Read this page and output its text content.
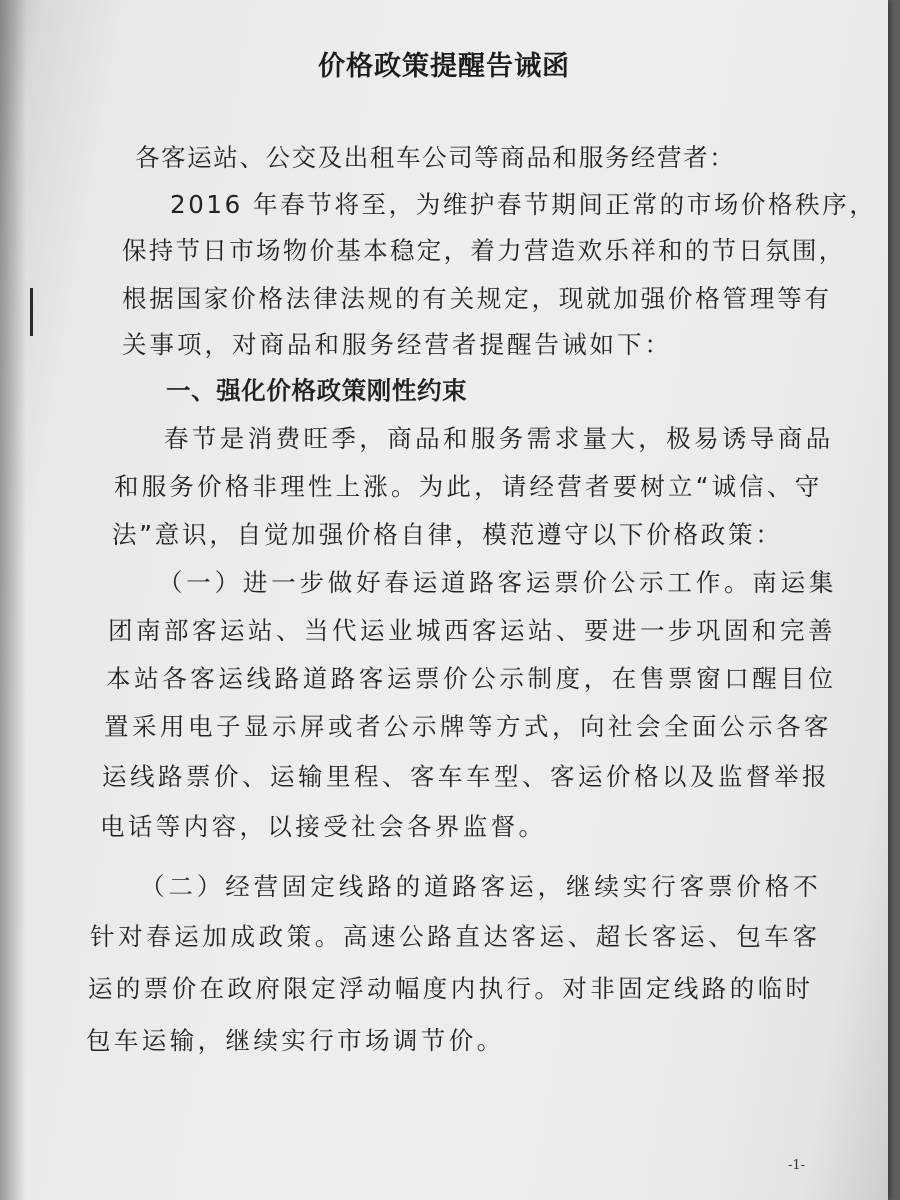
价格政策提醒告诫函
各客运站、公交及出租车公司等商品和服务经营者：
2016 年春节将至，为维护春节期间正常的市场价格秩序，
保持节日市场物价基本稳定，着力营造欢乐祥和的节日氛围，
根据国家价格法律法规的有关规定，现就加强价格管理等有
关事项，对商品和服务经营者提醒告诫如下：
一、强化价格政策刚性约束
春节是消费旺季，商品和服务需求量大，极易诱导商品
和服务价格非理性上涨。为此，请经营者要树立“诚信、守
法”意识，自觉加强价格自律，模范遵守以下价格政策：
（一）进一步做好春运道路客运票价公示工作。南运集
团南部客运站、当代运业城西客运站、要进一步巩固和完善
本站各客运线路道路客运票价公示制度，在售票窗口醒目位
置采用电子显示屏或者公示牌等方式，向社会全面公示各客
运线路票价、运输里程、客车车型、客运价格以及监督举报
电话等内容，以接受社会各界监督。
（二）经营固定线路的道路客运，继续实行客票价格不
针对春运加成政策。高速公路直达客运、超长客运、包车客
运的票价在政府限定浮动幅度内执行。对非固定线路的临时
包车运输，继续实行市场调节价。
-1-
